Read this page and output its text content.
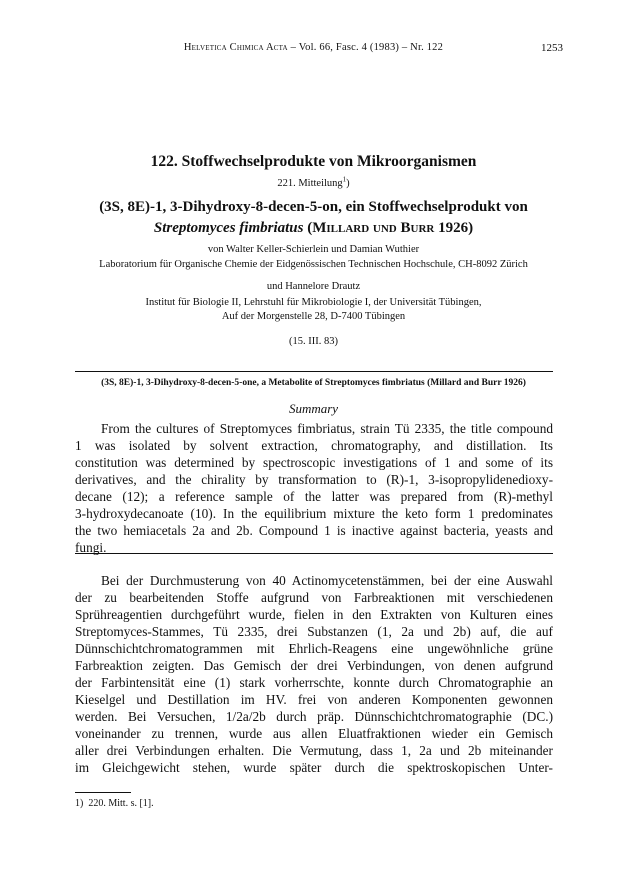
Helvetica Chimica Acta – Vol. 66, Fasc. 4 (1983) – Nr. 122	1253
122. Stoffwechselprodukte von Mikroorganismen
221. Mitteilung$^1$)
(3S, 8E)-1, 3-Dihydroxy-8-decen-5-on, ein Stoffwechselprodukt von
Streptomyces fimbriatus (Millard und Burr 1926)
von Walter Keller-Schierlein und Damian Wuthier
Laboratorium für Organische Chemie der Eidgenössischen Technischen Hochschule, CH-8092 Zürich
und Hannelore Drautz
Institut für Biologie II, Lehrstuhl für Mikrobiologie I, der Universität Tübingen,
Auf der Morgenstelle 28, D-7400 Tübingen
(15. III. 83)
(3S, 8E)-1, 3-Dihydroxy-8-decen-5-one, a Metabolite of Streptomyces fimbriatus (Millard and Burr 1926)
Summary
From the cultures of Streptomyces fimbriatus, strain Tü 2335, the title compound
1 was isolated by solvent extraction, chromatography, and distillation. Its
constitution was determined by spectroscopic investigations of 1 and some of its
derivatives, and the chirality by transformation to (R)-1, 3-isopropylidenedioxy-
decane (12); a reference sample of the latter was prepared from (R)-methyl
3-hydroxydecanoate (10). In the equilibrium mixture the keto form 1 predominates
the two hemiacetals 2a and 2b. Compound 1 is inactive against bacteria, yeasts and
fungi.
Bei der Durchmusterung von 40 Actinomycetenstämmen, bei der eine Auswahl
der zu bearbeitenden Stoffe aufgrund von Farbreaktionen mit verschiedenen
Sprühreagentien durchgeführt wurde, fielen in den Extrakten von Kulturen eines
Streptomyces-Stammes, Tü 2335, drei Substanzen (1, 2a und 2b) auf, die auf
Dünnschichtchromatogrammen mit Ehrlich-Reagens eine ungewöhnliche grüne
Farbreaktion zeigten. Das Gemisch der drei Verbindungen, von denen aufgrund
der Farbintensität eine (1) stark vorherrschte, konnte durch Chromatographie an
Kieselgel und Destillation im HV. frei von anderen Komponenten gewonnen
werden. Bei Versuchen, 1/2a/2b durch präp. Dünnschichtchromatographie (DC.)
voneinander zu trennen, wurde aus allen Eluatfraktionen wieder ein Gemisch
aller drei Verbindungen erhalten. Die Vermutung, dass 1, 2a und 2b miteinander
im Gleichgewicht stehen, wurde später durch die spektroskopischen Unter-
1) 220. Mitt. s. [1].
